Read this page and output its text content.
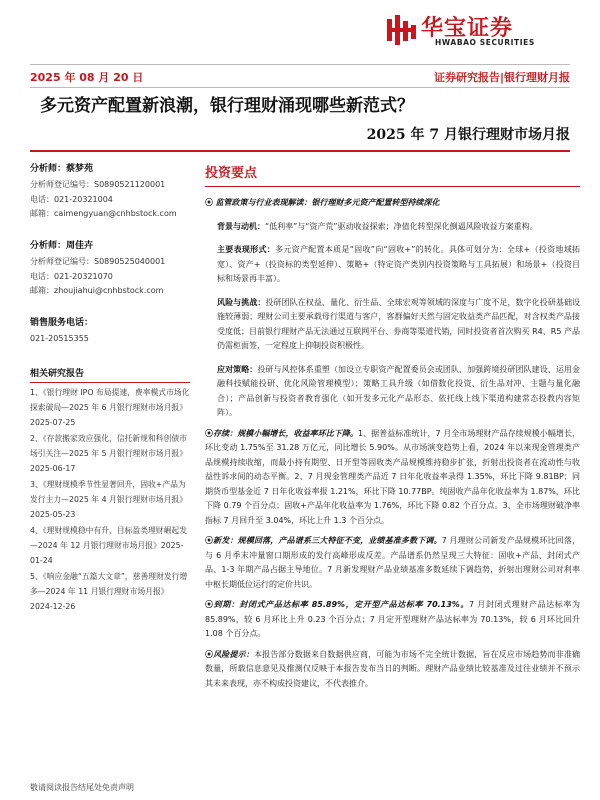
华宝证券
HWABAO SECURITIES
2025 年 08 月 20 日	证券研究报告|银行理财月报
多元资产配置新浪潮，银行理财涌现哪些新范式？
2025 年 7 月银行理财市场月报
分析师：蔡梦苑
分析师登记编号：S0890521120001
电话：021-20321004
邮箱：caimengyuan@cnhbstock.com
分析师：周佳卉
分析师登记编号：S0890525040001
电话：021-20321070
邮箱：zhoujiahui@cnhbstock.com
销售服务电话：
021-20515355
相关研究报告
1、《银行理财 IPO 布局提速，费率模式市场化探索破局—2025 年 6 月银行理财市场月报》2025-07-25
2、《存款搬家效应强化，信托新规和科创债市场引关注—2025 年 5 月银行理财市场月报》2025-06-17
3、《理财规模季节性显著回升，固收+产品为发行主力—2025 年 4 月银行理财市场月报》2025-05-23
4、《理财规模稳中有升，目标盈类理财崛起发—2024 年 12 月银行理财市场月报》2025-01-24
5、《响应金融“五篇大文章”，慈善理财发行增多—2024 年 11 月银行理财市场月报》2024-12-26
投资要点

⦿ 监管政策与行业表现解读：银行理财多元资产配置转型持续深化

背景与动机：“低利率”与“资产荒”驱动收益探索；净值化转型深化倒逼风险收益方案重构。

主要表现形式：多元资产配置本质是“固收”向“固收+”的转化。具体可划分为：全球+（投资地域拓宽）、资产+（投资标的类型延伸）、策略+（特定资产类别内投资策略与工具拓展）和场景+（投资目标和场景再丰富）。

风险与挑战：投研团队在权益、量化、衍生品、全球宏观等领域的深度与广度不足，数字化投研基础设施较薄弱；理财公司主要承载母行渠道与客户，客群偏好天然与固定收益类产品匹配，对含权类产品接受度低；目前银行理财产品无法通过互联网平台、券商等渠道代销，同时投资者首次购买 R4、R5 产品仍需柜面签，一定程度上抑制投资积极性。

应对策略：投研与风控体系重塑（加设立专职资产配置委员会或团队、加强跨境投研团队建设、运用金融科技赋能投研、优化风险管理模型）；策略工具升级（如借数化投资、衍生品对冲、主题与量化融合）；产品创新与投资者教育强化（如开发多元化产品形态、依托线上线下渠道构建常态投教内容矩阵）。

⦿存续：规模小幅增长，收益率环比下降。1、据普益标准统计，7 月全市场理财产品存续规模小幅增长，环比变动 1.75%至 31.28 万亿元，同比增长 5.90%。从市场演变趋势上看，2024 年以来现金管理类产品规模持续收缩，而最小持有期型、日开型等固收类产品规模维持稳步扩张，折射出投资者在流动性与收益性诉求间的动态平衡。2、7 月现金管理类产品近 7 日年化收益率录得 1.35%，环比下降 9.81BP；同期货币型基金近 7 日年化收益率报 1.21%，环比下降 10.77BP。纯固收产品年化收益率为 1.87%，环比下降 0.79 个百分点；固收+产品年化收益率为 1.76%，环比下降 0.82 个百分点。3、全市场理财破净率指标 7 月回升至 3.04%，环比上升 1.3 个百分点。

⦿新发：规模回落，产品谱系三大特征不变，业绩基准多数下调。7 月理财公司新发产品规模环比回落，与 6 月季末冲量窗口期形成的发行高峰形成反差。产品谱系仍然呈现三大特征：固收+产品、封闭式产品、1-3 年期产品占据主导地位。7 月新发理财产品业绩基准多数延续下调趋势，折射出理财公司对利率中枢长期低位运行的定价共识。

⦿到期：封闭式产品达标率 85.89%，定开型产品达标率 70.13%。7 月封闭式理财产品达标率为 85.89%，较 6 月环比上升 0.23 个百分点；7 月定开型理财产品达标率为 70.13%，较 6 月环比回升 1.08 个百分点。

⦿风险提示：本报告部分数据来自数据供应商，可能为市场不完全统计数据，旨在反应市场趋势而非准确数量，所载信息意见及推测仅反映于本报告发布当日的判断。理财产品业绩比较基准及过往业绩并不预示其未来表现，亦不构成投资建议，不代表推介。

敬请阅读报告结尾处免责声明
